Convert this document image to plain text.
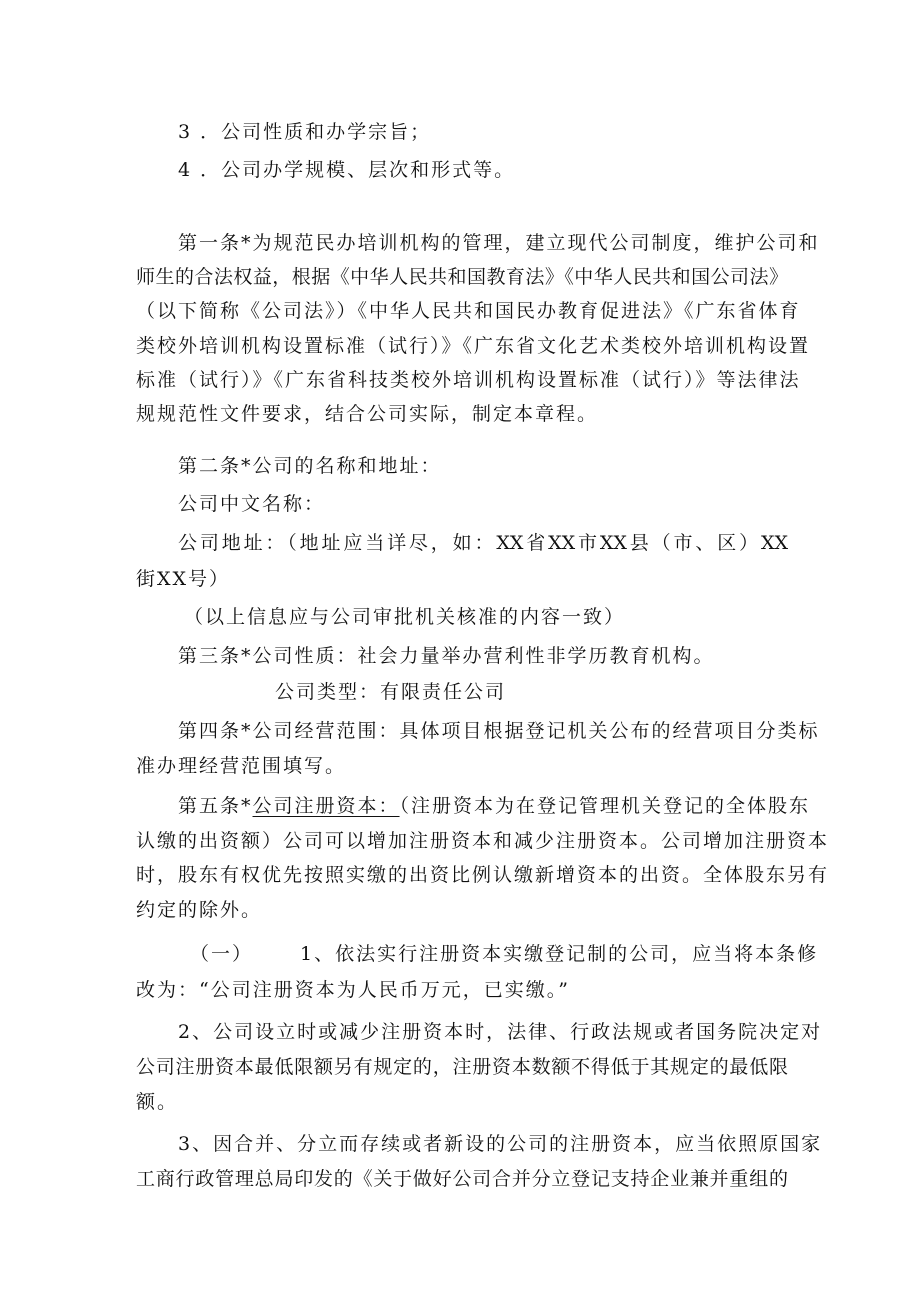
3 ．公司性质和办学宗旨；
4 ．公司办学规模、层次和形式等。
第一条*为规范民办培训机构的管理，建立现代公司制度，维护公司和
师生的合法权益，根据《中华人民共和国教育法》《中华人民共和国公司法》
（以下简称《公司法》）《中华人民共和国民办教育促进法》《广东省体育
类校外培训机构设置标准（试行）》《广东省文化艺术类校外培训机构设置
标准（试行）》《广东省科技类校外培训机构设置标准（试行）》等法律法
规规范性文件要求，结合公司实际，制定本章程。
第二条*公司的名称和地址：
公司中文名称：
公司地址：（地址应当详尽，如：XX省XX市XX县（市、区）XX
街XX号）
（以上信息应与公司审批机关核准的内容一致）
第三条*公司性质：社会力量举办营利性非学历教育机构。
公司类型：有限责任公司
第四条*公司经营范围：具体项目根据登记机关公布的经营项目分类标
准办理经营范围填写。
第五条*公司注册资本：（注册资本为在登记管理机关登记的全体股东
认缴的出资额）公司可以增加注册资本和减少注册资本。公司增加注册资本
时，股东有权优先按照实缴的出资比例认缴新增资本的出资。全体股东另有
约定的除外。
（一） 1、依法实行注册资本实缴登记制的公司，应当将本条修
改为：“公司注册资本为人民币万元，已实缴。”
2、公司设立时或减少注册资本时，法律、行政法规或者国务院决定对
公司注册资本最低限额另有规定的，注册资本数额不得低于其规定的最低限
额。
3、因合并、分立而存续或者新设的公司的注册资本，应当依照原国家
工商行政管理总局印发的《关于做好公司合并分立登记支持企业兼并重组的
